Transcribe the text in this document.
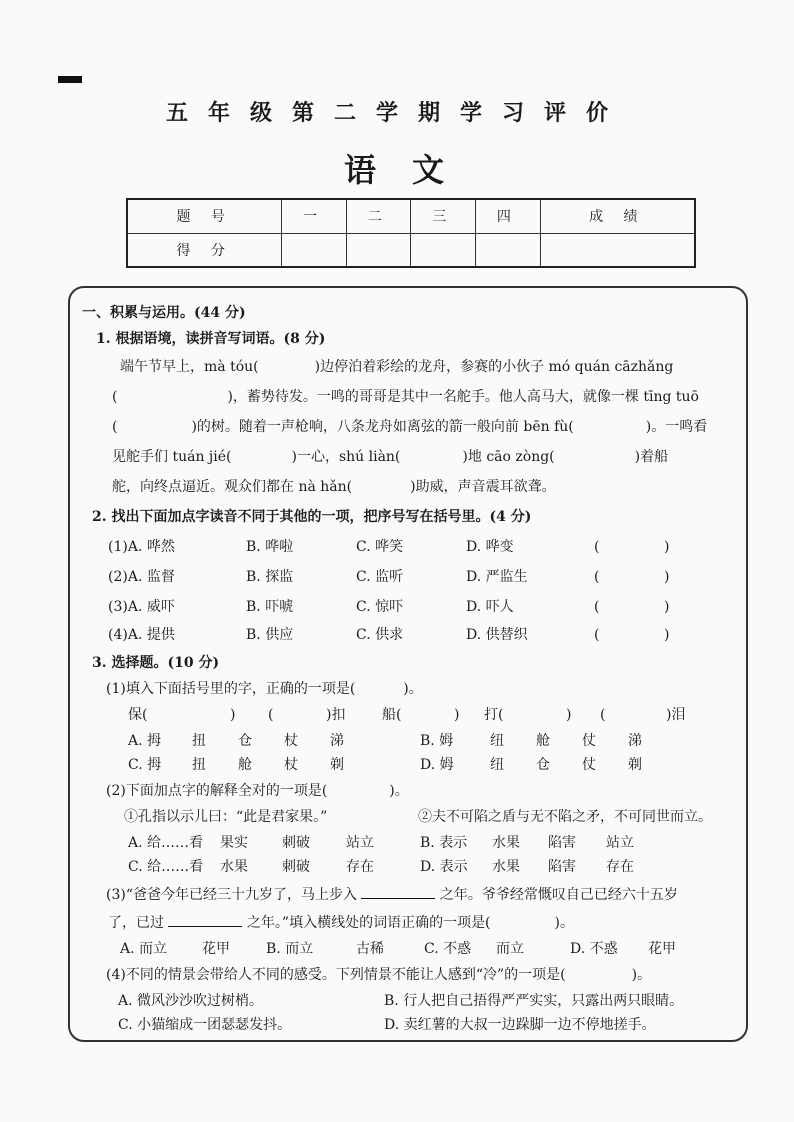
五年级第二学期学习评价
语文
题 号	一	二	三	四	成 绩
得 分					
一、积累与运用。(44 分)
1. 根据语境，读拼音写词语。(8 分)
端午节早上，mà tóu(	)边停泊着彩绘的龙舟，参赛的小伙子 mó quán cāzhǎng
(	)，蓄势待发。一鸣的哥哥是其中一名舵手。他人高马大，就像一棵 tīng tuō
(	)的树。随着一声枪响，八条龙舟如离弦的箭一般向前 bēn fù(	)。一鸣看
见舵手们 tuán jié(	)一心，shú liàn(	)地 cāo zòng(	)着船
舵，向终点逼近。观众们都在 nà hǎn(	)助威，声音震耳欲聋。
2. 找出下面加点字读音不同于其他的一项，把序号写在括号里。(4 分)
(1)A. 哗然	B. 哗啦	C. 哗笑	D. 哗变	(	)
(2)A. 监督	B. 探监	C. 监听	D. 严监生	(	)
(3)A. 威吓	B. 吓唬	C. 惊吓	D. 吓人	(	)
(4)A. 提供	B. 供应	C. 供求	D. 供替织	(	)
3. 选择题。(10 分)
(1)填入下面括号里的字，正确的一项是(	)。
保(	) (	)扣	船(	) 打(	) (	)泪
A. 拇 扭 仓 杖 涕	B. 姆	纽 舱 仗 涕
C. 拇 扭 舱 杖 剃	D. 姆	纽 仓 仗 剃
(2)下面加点字的解释全对的一项是(	)。
①孔指以示儿曰：“此是君家果。”	②夫不可陷之盾与无不陷之矛，不可同世而立。
A. 给……看 果实 刺破	站立	B. 表示 水果 陷害 站立
C. 给……看 水果 刺破	存在	D. 表示 水果 陷害 存在
(3)“爸爸今年已经三十九岁了，马上步入	之年。爷爷经常慨叹自己已经六十五岁
了，已过	之年。”填入横线处的词语正确的一项是(	)。
A. 而立 花甲	B. 而立	古稀	C. 不惑 而立	D. 不惑 花甲
(4)不同的情景会带给人不同的感受。下列情景不能让人感到“冷”的一项是(	)。
A. 微风沙沙吹过树梢。	B. 行人把自己捂得严严实实，只露出两只眼睛。
C. 小猫缩成一团瑟瑟发抖。	D. 卖红薯的大叔一边跺脚一边不停地搓手。
